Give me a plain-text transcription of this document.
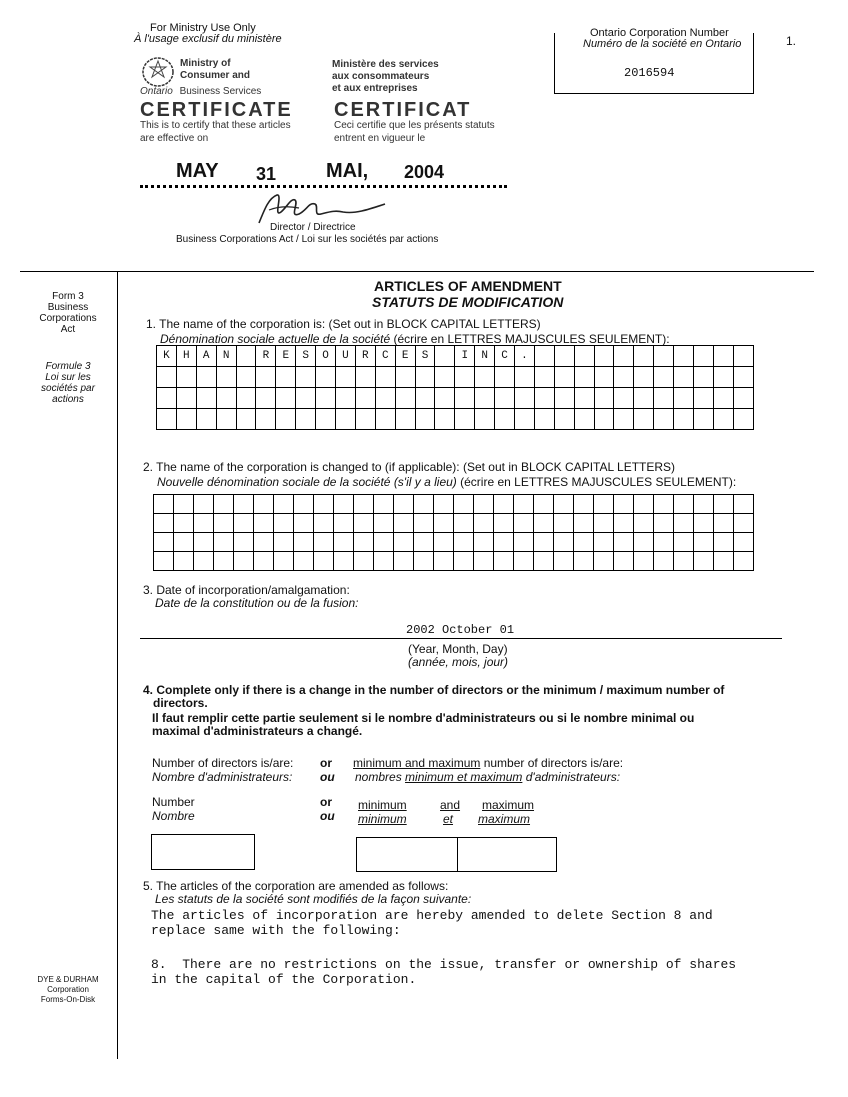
For Ministry Use Only
À l'usage exclusif du ministère
Ministry of
Consumer and
Ontario Business Services
Ministère des services
aux consommateurs
et aux entreprises
CERTIFICATE CERTIFICAT
This is to certify that these articles
are effective on
Ceci certifie que les présents statuts
entrent en vigueur le
MAY 31 MAI, 2004
Director / Directrice
Business Corporations Act / Loi sur les sociétés par actions
Ontario Corporation Number
Numéro de la société en Ontario
2016594
1.
Form 3
Business
Corporations
Act
Formule 3
Loi sur les
sociétés par
actions
DYE & DURHAM
Corporation
Forms-On-Disk
ARTICLES OF AMENDMENT
STATUTS DE MODIFICATION
1. The name of the corporation is: (Set out in BLOCK CAPITAL LETTERS)
Dénomination sociale actuelle de la société (écrire en LETTRES MAJUSCULES SEULEMENT):
K	H	A	N	R	E	S	O	U	R	C	E	S	I	N	C	.
2. The name of the corporation is changed to (if applicable): (Set out in BLOCK CAPITAL LETTERS)
Nouvelle dénomination sociale de la société (s'il y a lieu) (écrire en LETTRES MAJUSCULES SEULEMENT):
3. Date of incorporation/amalgamation:
Date de la constitution ou de la fusion:
2002 October 01
(Year, Month, Day)
(année, mois, jour)
4. Complete only if there is a change in the number of directors or the minimum / maximum number of
directors.
Il faut remplir cette partie seulement si le nombre d'administrateurs ou si le nombre minimal ou
maximal d'administrateurs a changé.
Number of directors is/are:
Nombre d'administrateurs:
or
ou
minimum and maximum number of directors is/are:
nombres minimum et maximum d'administrateurs:
Number
Nombre
or
ou
minimum	and maximum
minimum	et maximum
5. The articles of the corporation are amended as follows:
Les statuts de la société sont modifiés de la façon suivante:
The articles of incorporation are hereby amended to delete Section 8 and
replace same with the following:
8.  There are no restrictions on the issue, transfer or ownership of shares
in the capital of the Corporation.
